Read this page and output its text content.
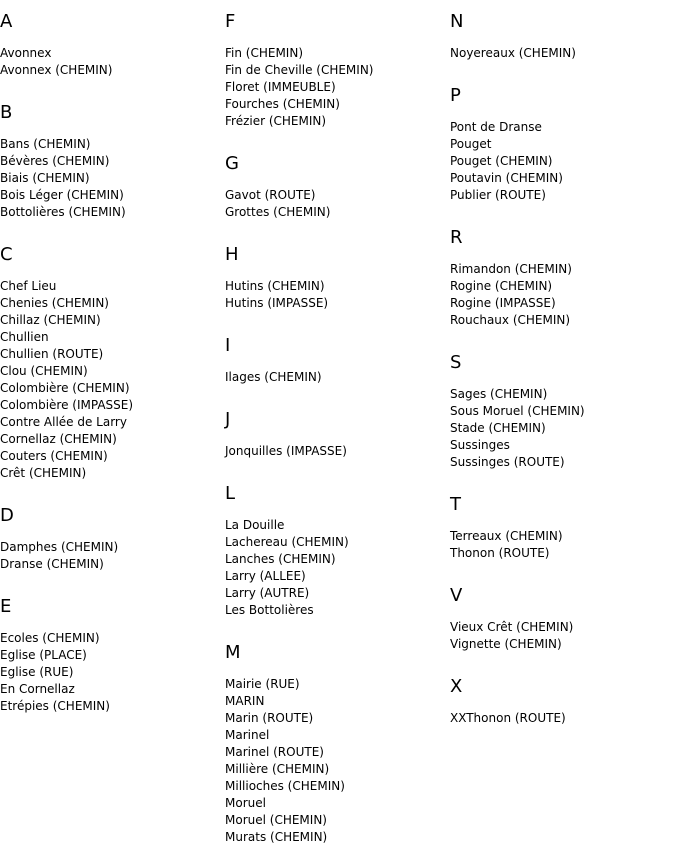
A
Avonnex
Avonnex (CHEMIN)
B
Bans (CHEMIN)
Bévères (CHEMIN)
Biais (CHEMIN)
Bois Léger (CHEMIN)
Bottolières (CHEMIN)
C
Chef Lieu
Chenies (CHEMIN)
Chillaz (CHEMIN)
Chullien
Chullien (ROUTE)
Clou (CHEMIN)
Colombière (CHEMIN)
Colombière (IMPASSE)
Contre Allée de Larry
Cornellaz (CHEMIN)
Couters (CHEMIN)
Crêt (CHEMIN)
D
Damphes (CHEMIN)
Dranse (CHEMIN)
E
Ecoles (CHEMIN)
Eglise (PLACE)
Eglise (RUE)
En Cornellaz
Etrépies (CHEMIN)
F
Fin (CHEMIN)
Fin de Cheville (CHEMIN)
Floret (IMMEUBLE)
Fourches (CHEMIN)
Frézier (CHEMIN)
G
Gavot (ROUTE)
Grottes (CHEMIN)
H
Hutins (CHEMIN)
Hutins (IMPASSE)
I
Ilages (CHEMIN)
J
Jonquilles (IMPASSE)
L
La Douille
Lachereau (CHEMIN)
Lanches (CHEMIN)
Larry (ALLEE)
Larry (AUTRE)
Les Bottolières
M
Mairie (RUE)
MARIN
Marin (ROUTE)
Marinel
Marinel (ROUTE)
Millière (CHEMIN)
Millioches (CHEMIN)
Moruel
Moruel (CHEMIN)
Murats (CHEMIN)
N
Noyereaux (CHEMIN)
P
Pont de Dranse
Pouget
Pouget (CHEMIN)
Poutavin (CHEMIN)
Publier (ROUTE)
R
Rimandon (CHEMIN)
Rogine (CHEMIN)
Rogine (IMPASSE)
Rouchaux (CHEMIN)
S
Sages (CHEMIN)
Sous Moruel (CHEMIN)
Stade (CHEMIN)
Sussinges
Sussinges (ROUTE)
T
Terreaux (CHEMIN)
Thonon (ROUTE)
V
Vieux Crêt (CHEMIN)
Vignette (CHEMIN)
X
XXThonon (ROUTE)
